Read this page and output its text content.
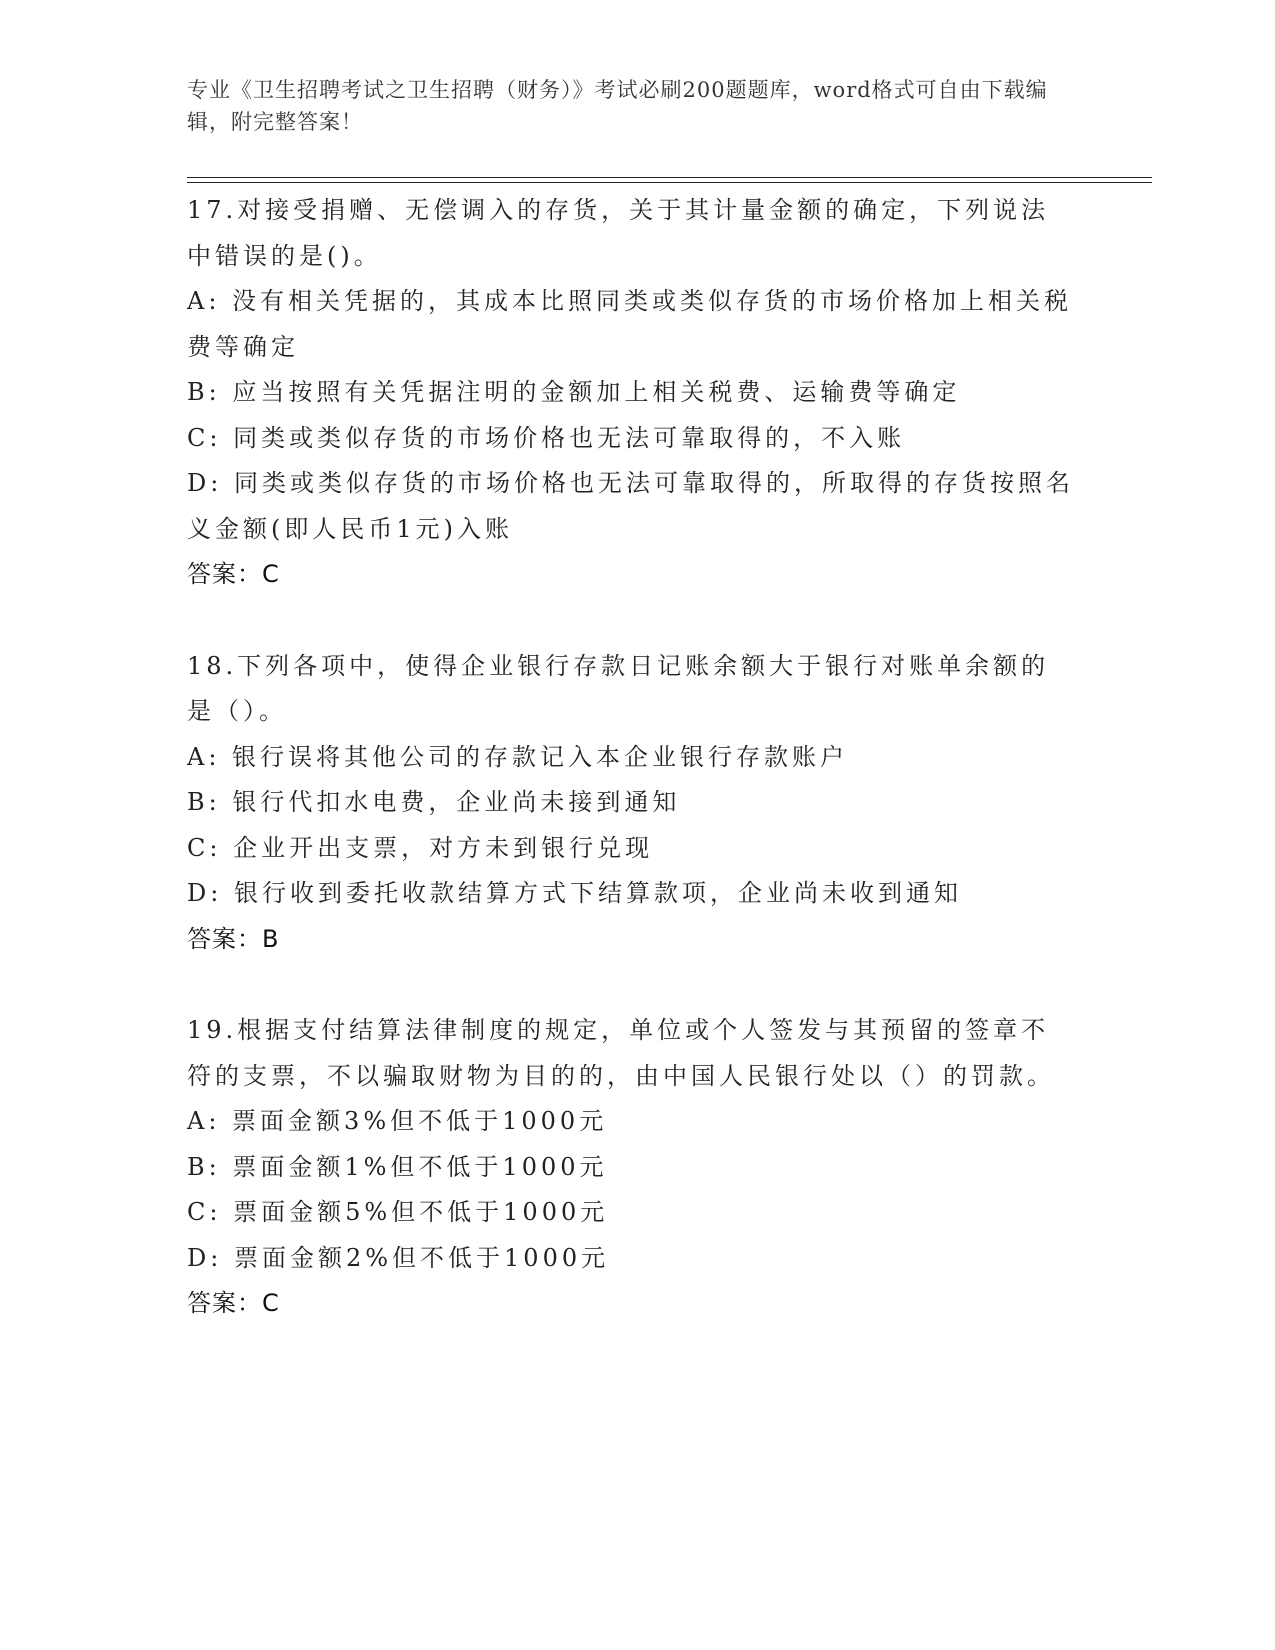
专业《卫生招聘考试之卫生招聘（财务）》考试必刷200题题库，word格式可自由下载编辑，附完整答案！
17.对接受捐赠、无偿调入的存货，关于其计量金额的确定，下列说法中错误的是()。
A: 没有相关凭据的，其成本比照同类或类似存货的市场价格加上相关税费等确定
B: 应当按照有关凭据注明的金额加上相关税费、运输费等确定
C: 同类或类似存货的市场价格也无法可靠取得的，不入账
D: 同类或类似存货的市场价格也无法可靠取得的，所取得的存货按照名义金额(即人民币1元)入账
答案：C
18.下列各项中，使得企业银行存款日记账余额大于银行对账单余额的是（）。
A: 银行误将其他公司的存款记入本企业银行存款账户
B: 银行代扣水电费，企业尚未接到通知
C: 企业开出支票，对方未到银行兑现
D: 银行收到委托收款结算方式下结算款项，企业尚未收到通知
答案：B
19.根据支付结算法律制度的规定，单位或个人签发与其预留的签章不符的支票，不以骗取财物为目的的，由中国人民银行处以（）的罚款。
A: 票面金额3%但不低于1000元
B: 票面金额1%但不低于1000元
C: 票面金额5%但不低于1000元
D: 票面金额2%但不低于1000元
答案：C
